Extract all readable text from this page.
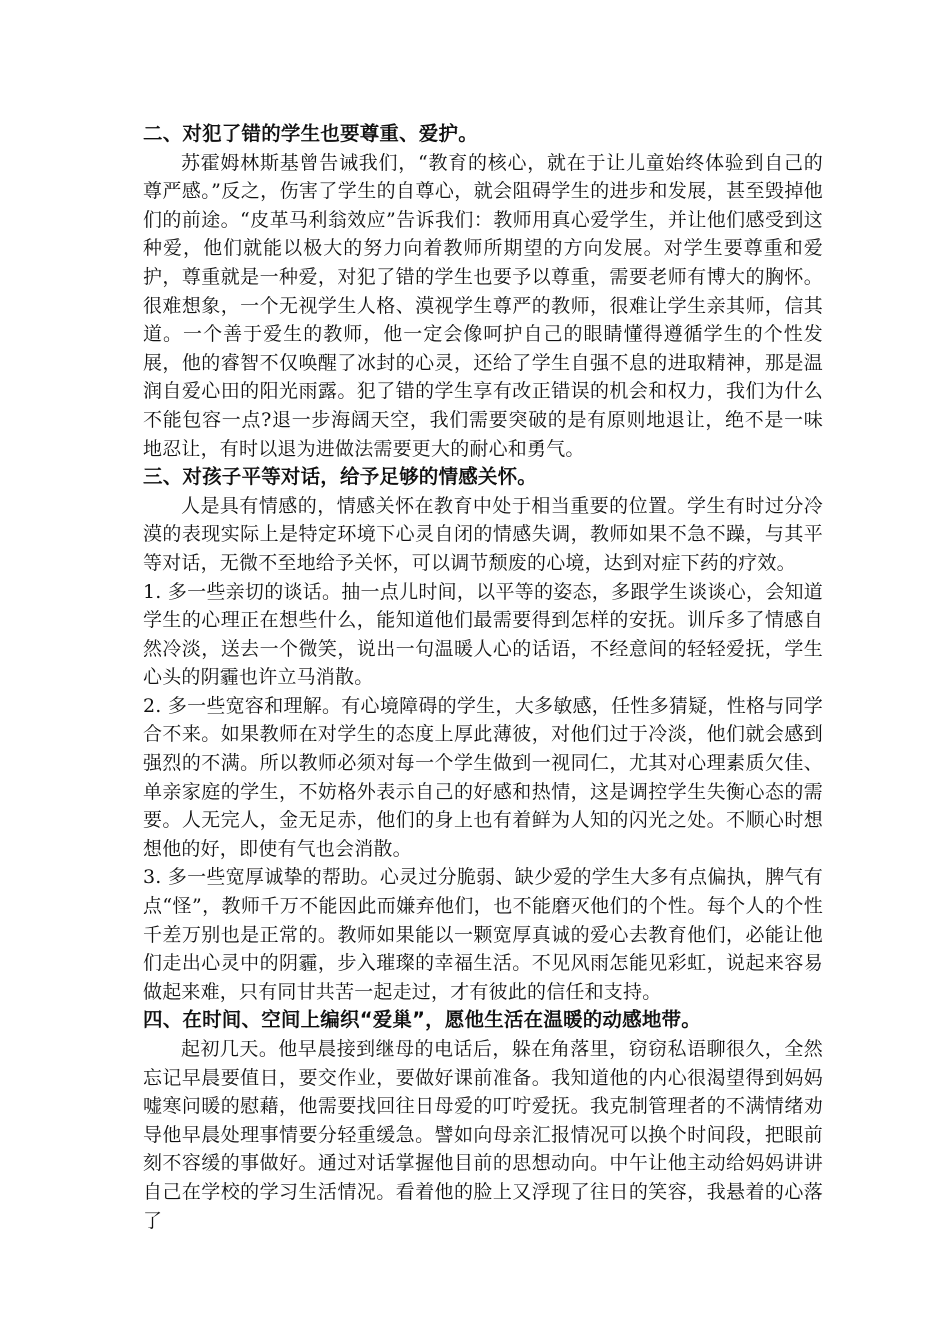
二、对犯了错的学生也要尊重、爱护。

苏霍姆林斯基曾告诫我们，“教育的核心，就在于让儿童始终体验到自己的尊严感。”反之，伤害了学生的自尊心，就会阻碍学生的进步和发展，甚至毁掉他们的前途。“皮革马利翁效应”告诉我们：教师用真心爱学生，并让他们感受到这种爱，他们就能以极大的努力向着教师所期望的方向发展。对学生要尊重和爱护，尊重就是一种爱，对犯了错的学生也要予以尊重，需要老师有博大的胸怀。很难想象，一个无视学生人格、漠视学生尊严的教师，很难让学生亲其师，信其道。一个善于爱生的教师，他一定会像呵护自己的眼睛懂得遵循学生的个性发展，他的睿智不仅唤醒了冰封的心灵，还给了学生自强不息的进取精神，那是温润自爱心田的阳光雨露。犯了错的学生享有改正错误的机会和权力，我们为什么不能包容一点?退一步海阔天空，我们需要突破的是有原则地退让，绝不是一味地忍让，有时以退为进做法需要更大的耐心和勇气。

三、对孩子平等对话，给予足够的情感关怀。

人是具有情感的，情感关怀在教育中处于相当重要的位置。学生有时过分冷漠的表现实际上是特定环境下心灵自闭的情感失调，教师如果不急不躁，与其平等对话，无微不至地给予关怀，可以调节颓废的心境，达到对症下药的疗效。

1. 多一些亲切的谈话。抽一点儿时间，以平等的姿态，多跟学生谈谈心，会知道学生的心理正在想些什么，能知道他们最需要得到怎样的安抚。训斥多了情感自然冷淡，送去一个微笑，说出一句温暖人心的话语，不经意间的轻轻爱抚，学生心头的阴霾也许立马消散。

2. 多一些宽容和理解。有心境障碍的学生，大多敏感，任性多猜疑，性格与同学合不来。如果教师在对学生的态度上厚此薄彼，对他们过于冷淡，他们就会感到强烈的不满。所以教师必须对每一个学生做到一视同仁，尤其对心理素质欠佳、单亲家庭的学生，不妨格外表示自己的好感和热情，这是调控学生失衡心态的需要。人无完人，金无足赤，他们的身上也有着鲜为人知的闪光之处。不顺心时想想他的好，即使有气也会消散。

3. 多一些宽厚诚挚的帮助。心灵过分脆弱、缺少爱的学生大多有点偏执，脾气有点“怪”，教师千万不能因此而嫌弃他们，也不能磨灭他们的个性。每个人的个性千差万别也是正常的。教师如果能以一颗宽厚真诚的爱心去教育他们，必能让他们走出心灵中的阴霾，步入璀璨的幸福生活。不见风雨怎能见彩虹，说起来容易做起来难，只有同甘共苦一起走过，才有彼此的信任和支持。

四、在时间、空间上编织“爱巢”，愿他生活在温暖的动感地带。

起初几天。他早晨接到继母的电话后，躲在角落里，窃窃私语聊很久，全然忘记早晨要值日，要交作业，要做好课前准备。我知道他的内心很渴望得到妈妈嘘寒问暖的慰藉，他需要找回往日母爱的叮咛爱抚。我克制管理者的不满情绪劝导他早晨处理事情要分轻重缓急。譬如向母亲汇报情况可以换个时间段，把眼前刻不容缓的事做好。通过对话掌握他目前的思想动向。中午让他主动给妈妈讲讲自己在学校的学习生活情况。看着他的脸上又浮现了往日的笑容，我悬着的心落了
